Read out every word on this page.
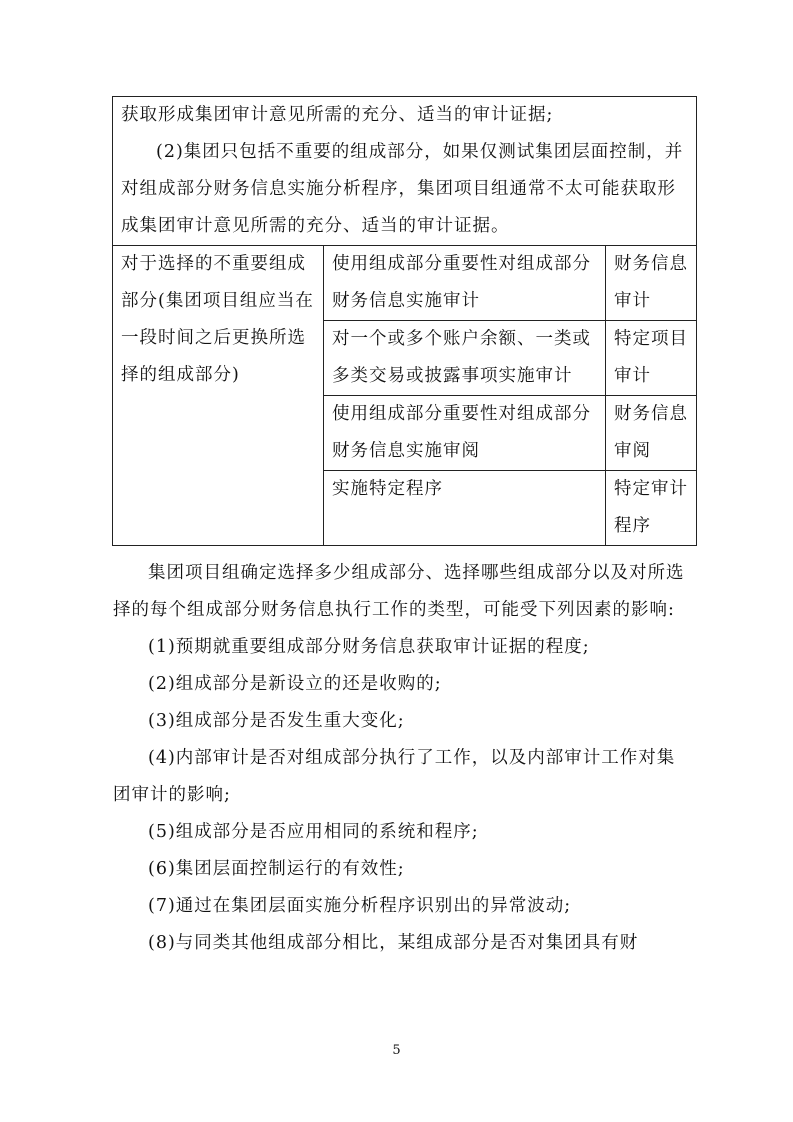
获取形成集团审计意见所需的充分、适当的审计证据;

(2)集团只包括不重要的组成部分，如果仅测试集团层面控制，并对组成部分财务信息实施分析程序，集团项目组通常不太可能获取形成集团审计意见所需的充分、适当的审计证据。		

对于选择的不重要组成部分(集团项目组应当在一段时间之后更换所选择的组成部分)	使用组成部分重要性对组成部分财务信息实施审计	财务信息审计
	对一个或多个账户余额、一类或多类交易或披露事项实施审计	特定项目审计
	使用组成部分重要性对组成部分财务信息实施审阅	财务信息审阅
	实施特定程序	特定审计程序

集团项目组确定选择多少组成部分、选择哪些组成部分以及对所选择的每个组成部分财务信息执行工作的类型，可能受下列因素的影响:

(1)预期就重要组成部分财务信息获取审计证据的程度;

(2)组成部分是新设立的还是收购的;

(3)组成部分是否发生重大变化;

(4)内部审计是否对组成部分执行了工作，以及内部审计工作对集团审计的影响;

(5)组成部分是否应用相同的系统和程序;

(6)集团层面控制运行的有效性;

(7)通过在集团层面实施分析程序识别出的异常波动;

(8)与同类其他组成部分相比，某组成部分是否对集团具有财

5
